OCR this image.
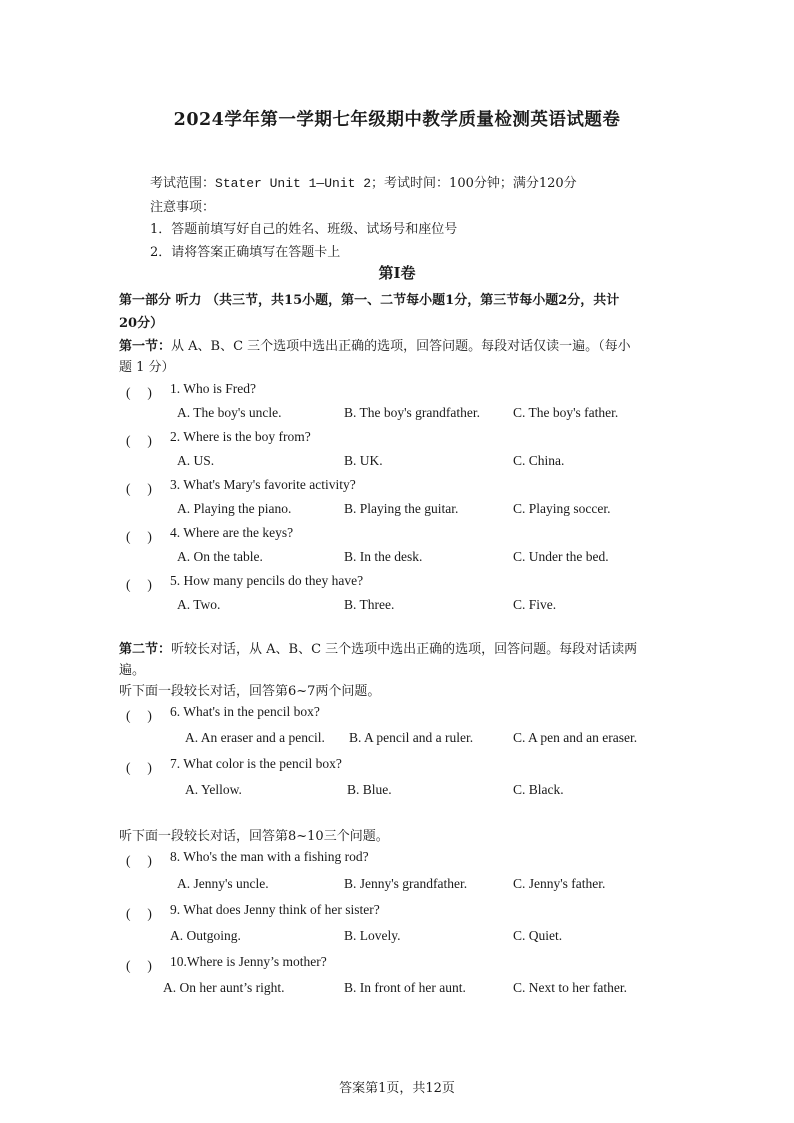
2024学年第一学期七年级期中教学质量检测英语试题卷
考试范围：Stater Unit 1—Unit 2；考试时间：100分钟；满分120分
注意事项：
1．答题前填写好自己的姓名、班级、试场号和座位号
2．请将答案正确填写在答题卡上
第Ⅰ卷
第一部分 听力 （共三节，共15小题，第一、二节每小题1分，第三节每小题2分，共计
20分）
第一节：从 A、B、C 三个选项中选出正确的选项，回答问题。每段对话仅读一遍。（每小
题 1 分）
(　 ) 1. Who is Fred?
A. The boy's uncle.	B. The boy's grandfather. C. The boy's father.
(　 ) 2. Where is the boy from?
A. US.	B. UK.	C. China.
(　 ) 3. What's Mary's favorite activity?
A. Playing the piano.	B. Playing the guitar.	C. Playing soccer.
(　 ) 4. Where are the keys?
A. On the table.	B. In the desk.	C. Under the bed.
(　 ) 5. How many pencils do they have?
A. Two.	B. Three.	C. Five.
第二节：听较长对话，从 A、B、C 三个选项中选出正确的选项，回答问题。每段对话读两
遍。
听下面一段较长对话，回答第6~7两个问题。
(　 ) 6. What's in the pencil box?
A. An eraser and a pencil. B. A pencil and a ruler.	C. A pen and an eraser.
(　 ) 7. What color is the pencil box?
A. Yellow.	B. Blue.	C. Black.
听下面一段较长对话，回答第8~10三个问题。
(　 ) 8. Who's the man with a fishing rod?
A. Jenny's uncle.	B. Jenny's grandfather.	C. Jenny's father.
(　 ) 9. What does Jenny think of her sister?
A. Outgoing.	B. Lovely.	C. Quiet.
(　 ) 10.Where is Jenny’s mother?
A. On her aunt’s right.	B. In front of her aunt.	C. Next to her father.
答案第1页，共12页
